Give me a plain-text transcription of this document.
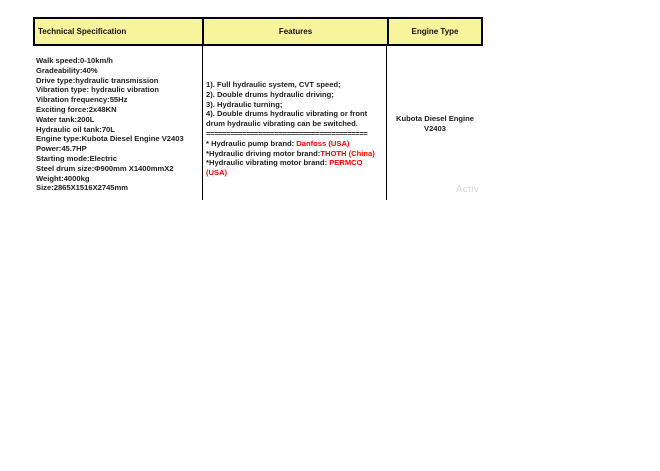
Technical Specification	Features	Engine Type
Walk speed:0-10km/h
Gradeability:40%
Drive type:hydraulic transmission
Vibration type: hydraulic vibration
Vibration frequency:55Hz
Exciting force:2x48KN
Water tank:200L
Hydraulic oil tank:70L
Engine type:Kubota Diesel Engine V2403
Power:45.7HP
Starting mode:Electric
Steel drum size:Φ900mm X1400mmX2
Weight:4000kg
Size:2865X1516X2745mm
1). Full hydraulic system, CVT speed;
2). Double drums hydraulic driving;
3). Hydraulic turning;
4). Double drums hydraulic vibrating or front drum hydraulic vibrating can be switched.
========================================
* Hydraulic pump brand: Danfoss (USA)
*Hydraulic driving motor brand:THOTH (China)
*Hydraulic vibrating motor brand: PERMCO (USA)
Kubota Diesel Engine
V2403
Activ
